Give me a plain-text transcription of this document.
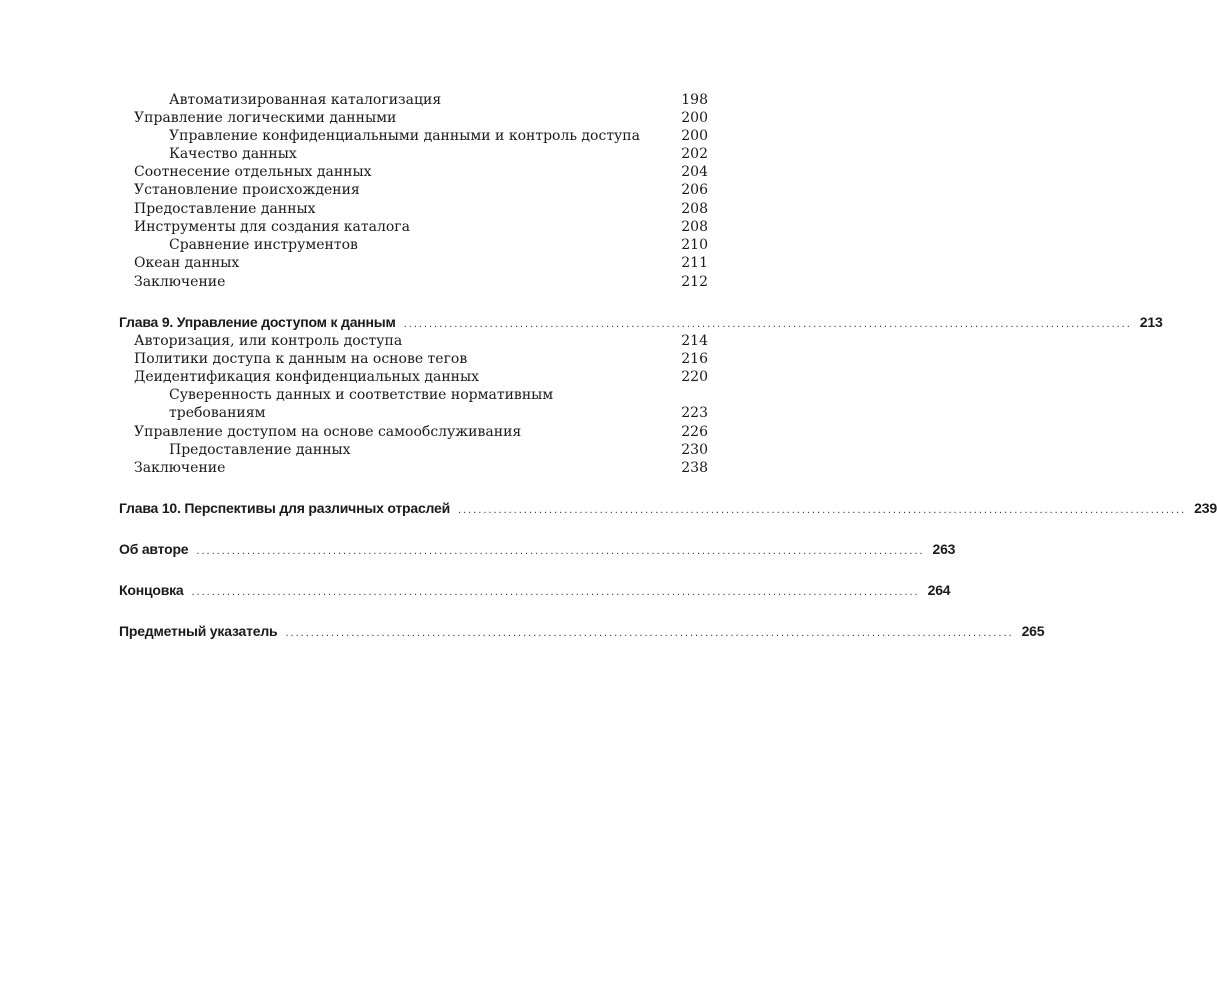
Автоматизированная каталогизация	198
Управление логическими данными	200
Управление конфиденциальными данными и контроль доступа	200
Качество данных	202
Соотнесение отдельных данных	204
Установление происхождения	206
Предоставление данных	208
Инструменты для создания каталога	208
Сравнение инструментов	210
Океан данных	211
Заключение	212
Глава 9. Управление доступом к данным ................................................................................................................................................ 213
Авторизация, или контроль доступа	214
Политики доступа к данным на основе тегов	216
Деидентификация конфиденциальных данных	220
Суверенность данных и соответствие нормативным
требованиям	223
Управление доступом на основе самообслуживания	226
Предоставление данных	230
Заключение	238
Глава 10. Перспективы для различных отраслей ................................................................................................................................................ 239
Об авторе ................................................................................................................................................ 263
Концовка ................................................................................................................................................ 264
Предметный указатель ................................................................................................................................................ 265
